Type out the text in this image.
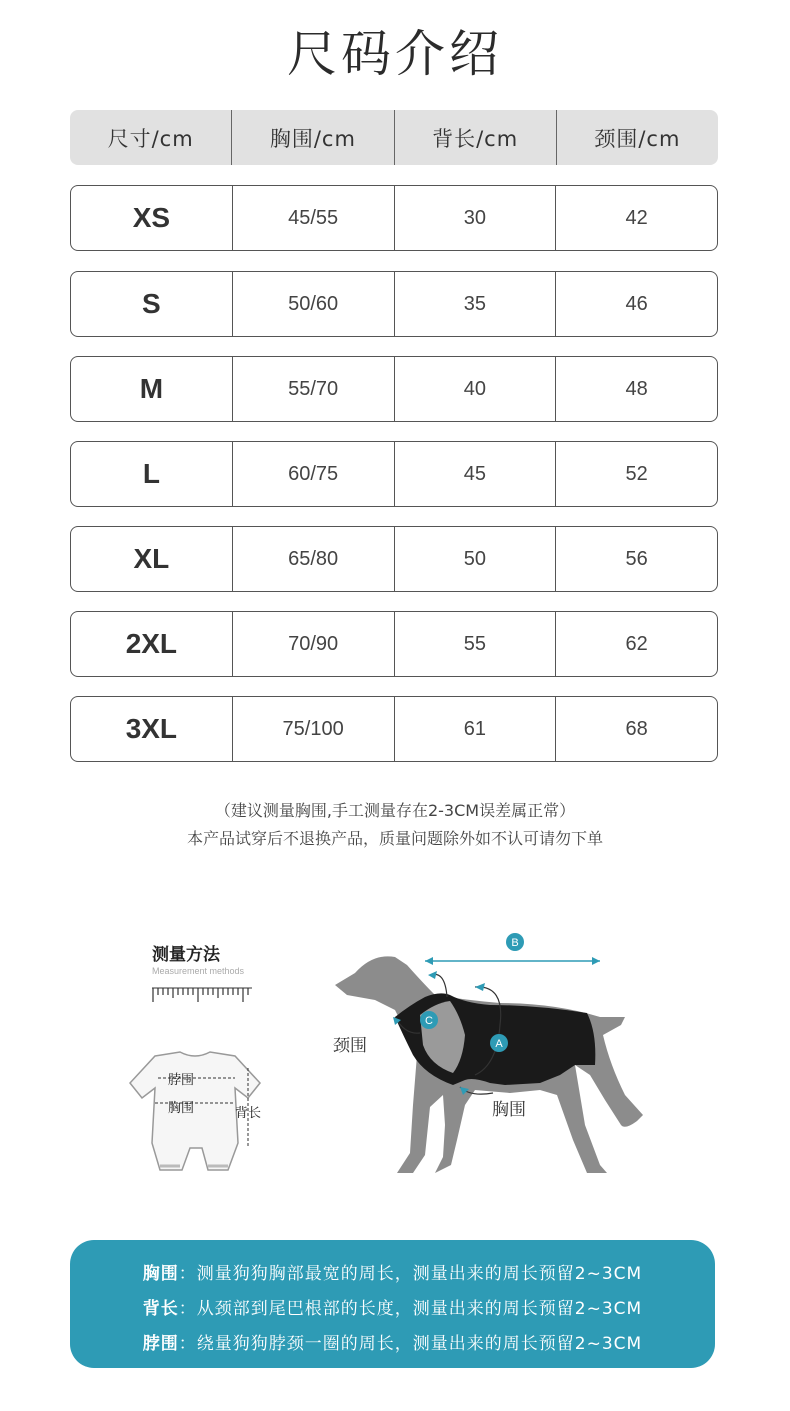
尺码介绍
尺寸/cm	胸围/cm	背长/cm	颈围/cm
XS	45/55	30	42
S	50/60	35	46
M	55/70	40	48
L	60/75	45	52
XL	65/80	50	56
2XL	70/90	55	62
3XL	75/100	61	68
（建议测量胸围,手工测量存在2-3CM误差属正常）
本产品试穿后不退换产品，质量问题除外如不认可请勿下单
测量方法
Measurement methods
脖围
胸围	背长
B
C
A
颈围
胸围
胸围：测量狗狗胸部最宽的周长，测量出来的周长预留2~3CM
背长：从颈部到尾巴根部的长度，测量出来的周长预留2~3CM
脖围：绕量狗狗脖颈一圈的周长，测量出来的周长预留2~3CM
